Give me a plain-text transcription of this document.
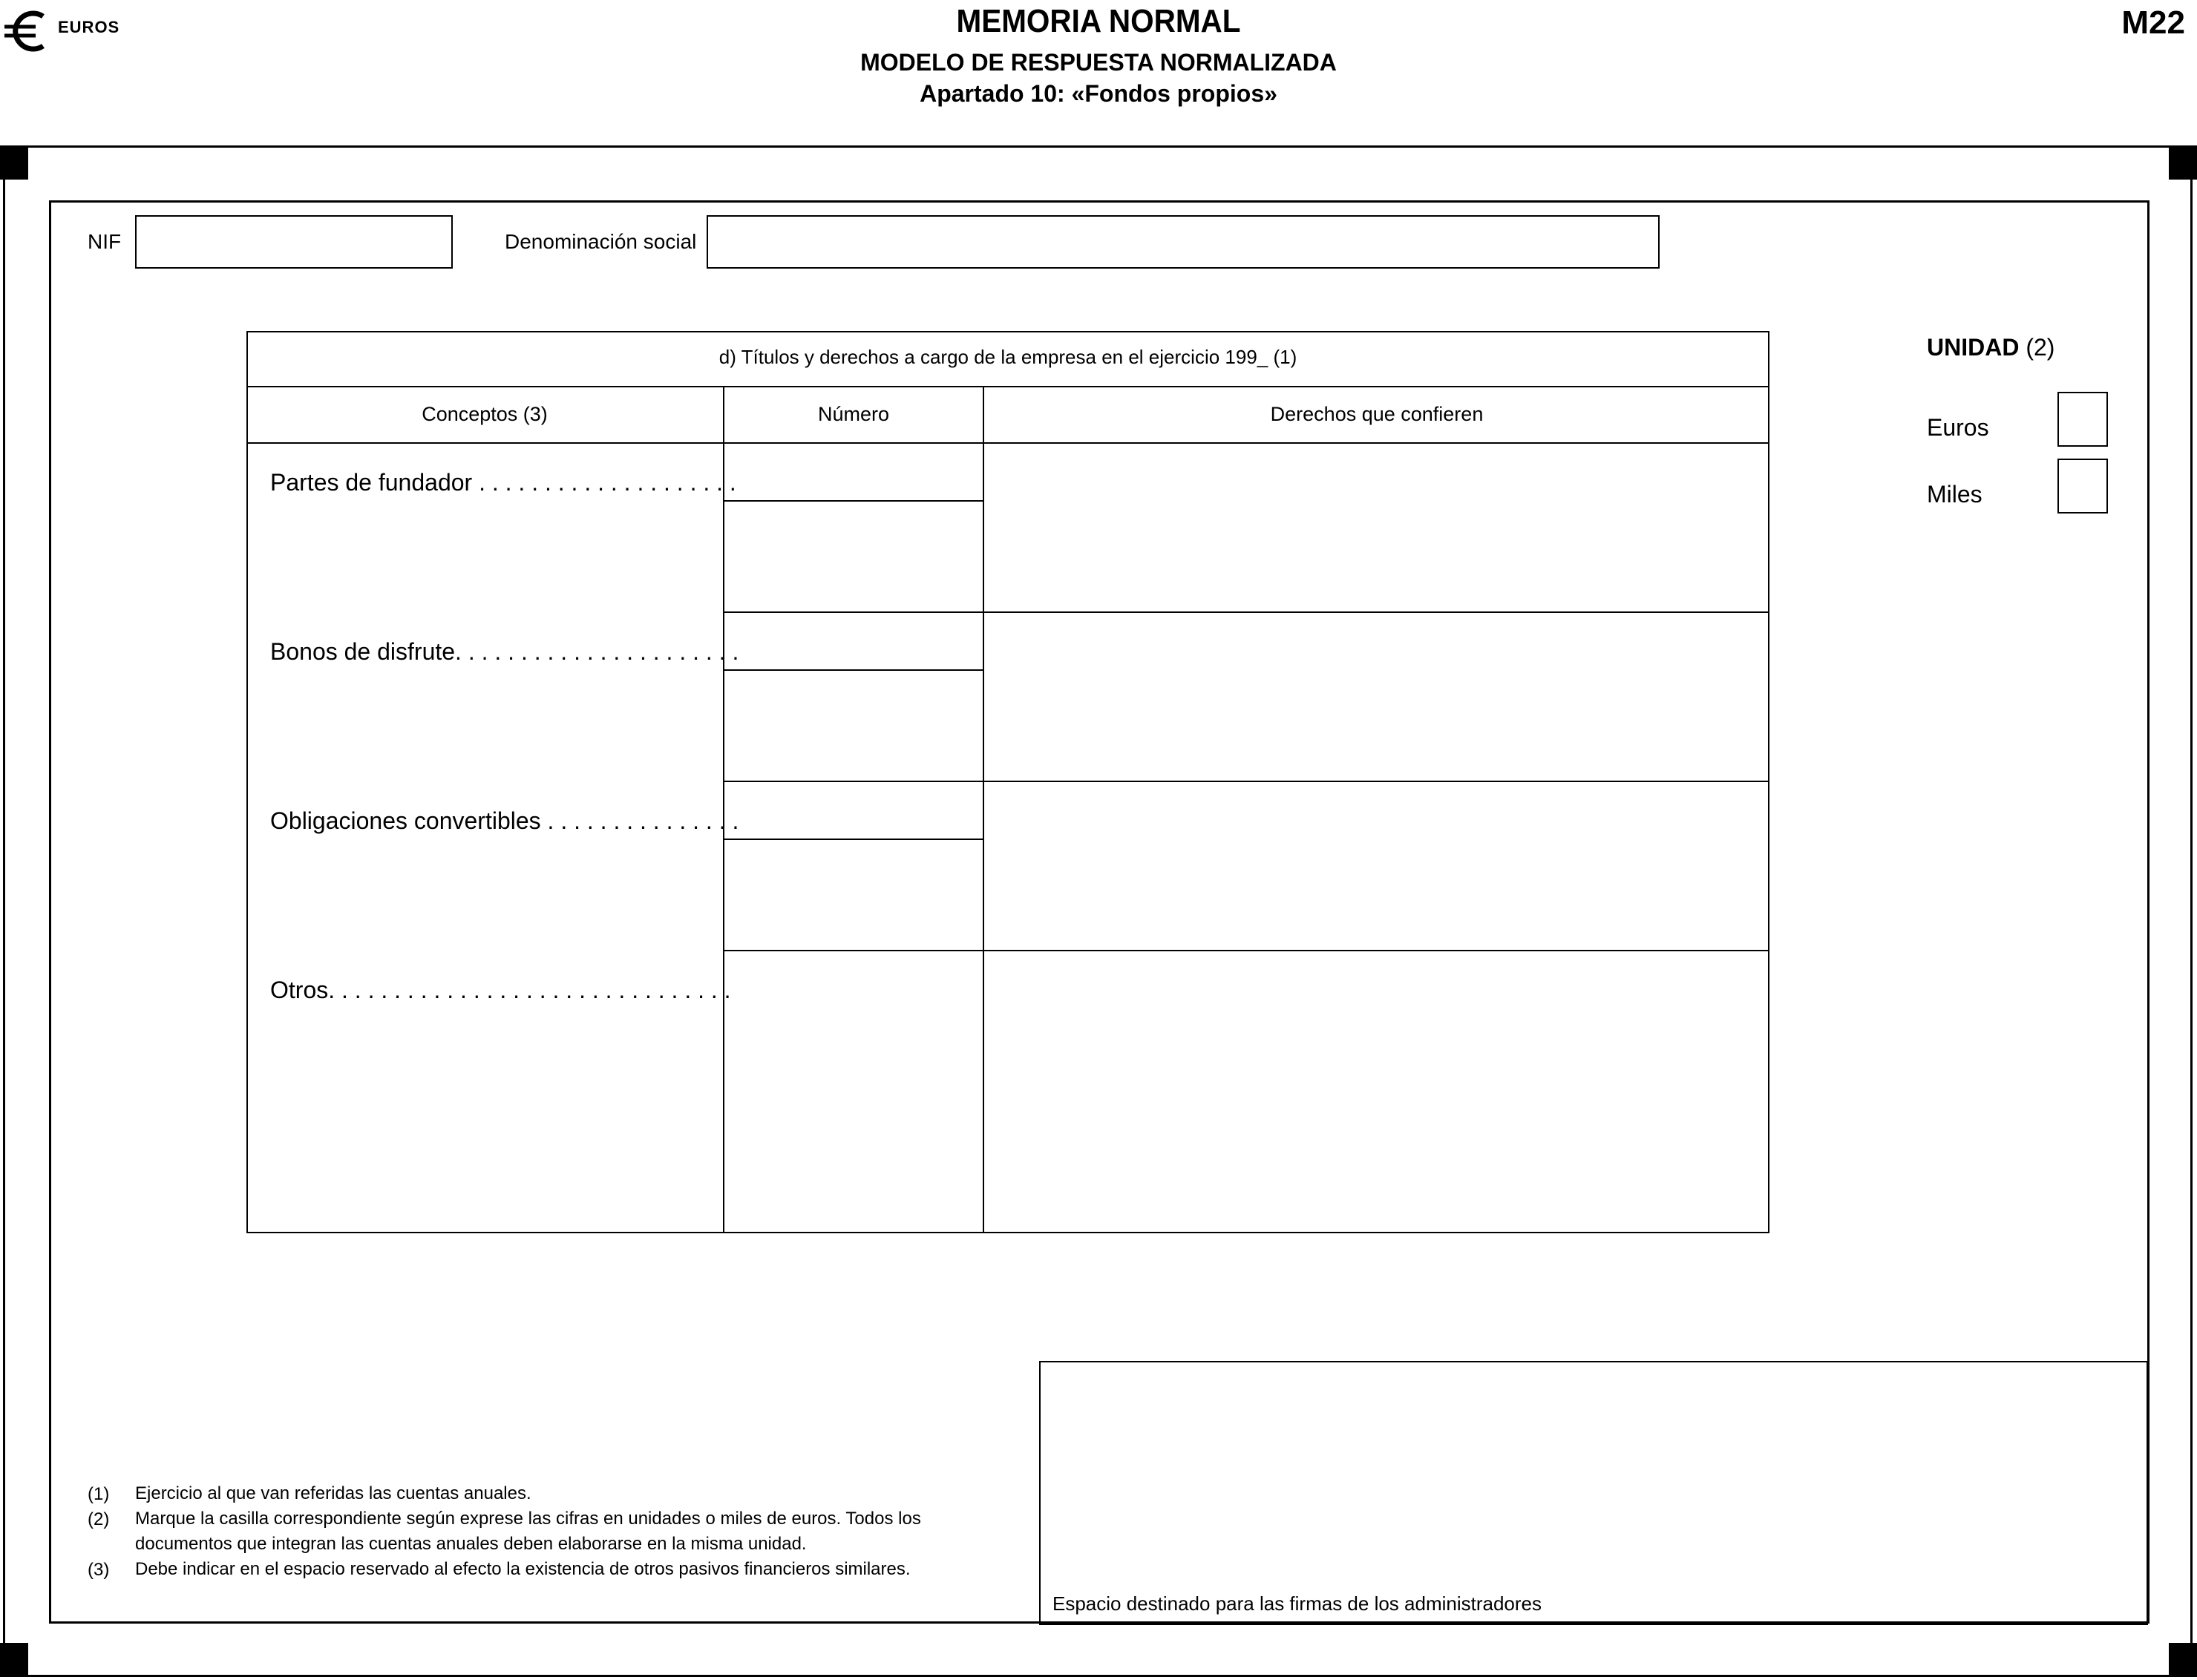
EUROS	MEMORIA NORMAL
MODELO DE RESPUESTA NORMALIZADA
Apartado 10: «Fondos propios»
M22
NIF	Denominación social
UNIDAD (2)
Euros
Miles
d) Títulos y derechos a cargo de la empresa en el ejercicio 199_ (1)
Conceptos (3)	Número	Derechos que confieren
Partes de fundador . . . . . . . . . . . . . . . . . . . .
Bonos de disfrute. . . . . . . . . . . . . . . . . . . . . .
Obligaciones convertibles . . . . . . . . . . . . . . .
Otros. . . . . . . . . . . . . . . . . . . . . . . . . . . . . . .
(1) Ejercicio al que van referidas las cuentas anuales.
(2) Marque la casilla correspondiente según exprese las cifras en unidades o miles de euros. Todos los documentos que integran las cuentas anuales deben elaborarse en la misma unidad.
(3) Debe indicar en el espacio reservado al efecto la existencia de otros pasivos financieros similares.
Espacio destinado para las firmas de los administradores
